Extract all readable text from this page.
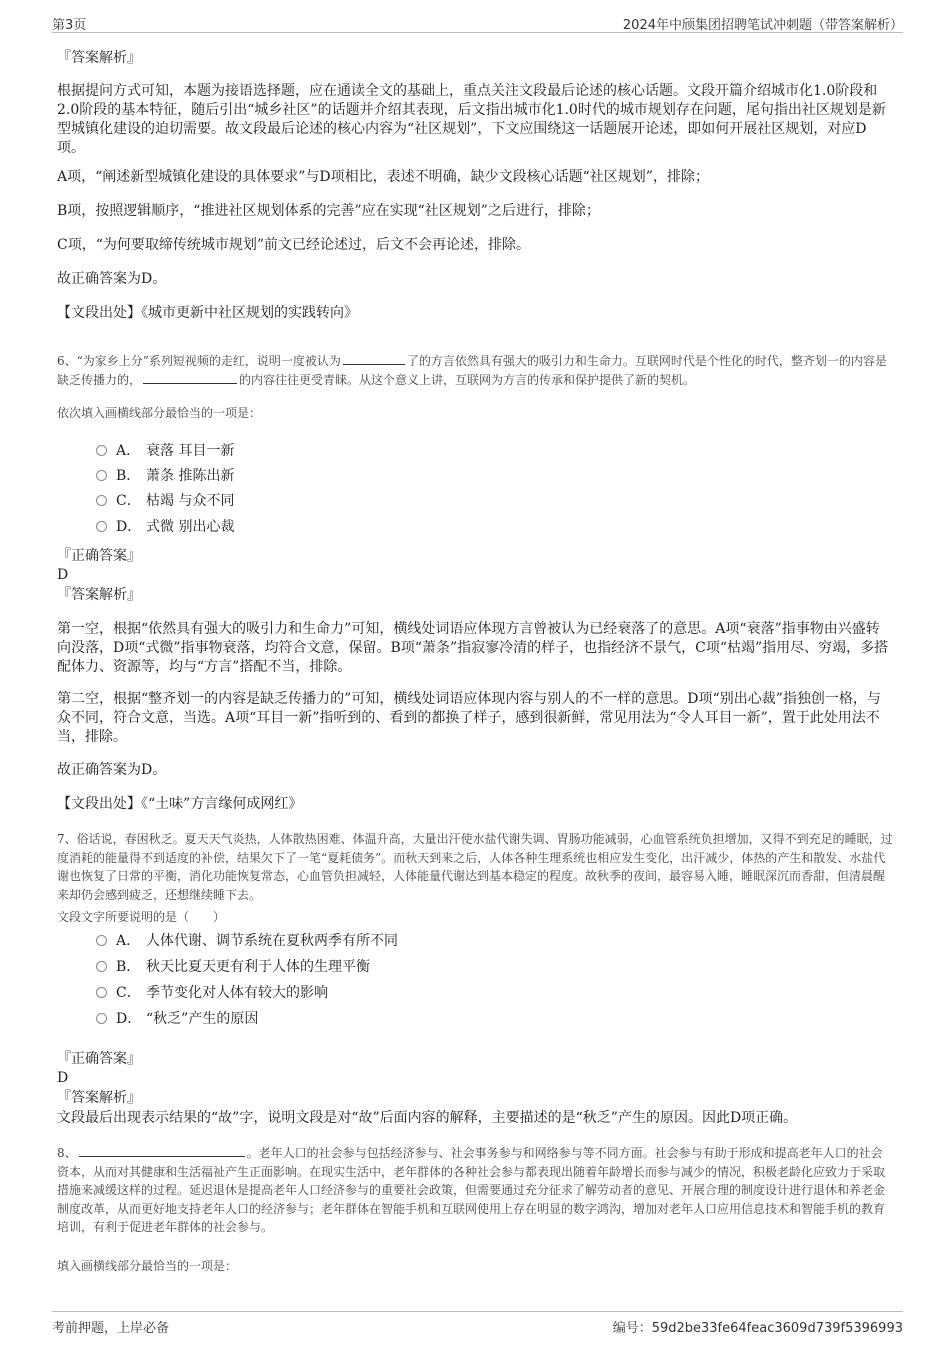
第3页	2024年中颀集团招聘笔试冲刺题（带答案解析）
『答案解析』
根据提问方式可知，本题为接语选择题，应在通读全文的基础上，重点关注文段最后论述的核心话题。文段开篇介绍城市化1.0阶段和2.0阶段的基本特征，随后引出“城乡社区”的话题并介绍其表现，后文指出城市化1.0时代的城市规划存在问题，尾句指出社区规划是新型城镇化建设的迫切需要。故文段最后论述的核心内容为“社区规划”，下文应围绕这一话题展开论述，即如何开展社区规划，对应D项。
A项，“阐述新型城镇化建设的具体要求”与D项相比，表述不明确，缺少文段核心话题“社区规划”，排除；
B项，按照逻辑顺序，“推进社区规划体系的完善”应在实现“社区规划”之后进行，排除；
C项，“为何要取缔传统城市规划”前文已经论述过，后文不会再论述，排除。
故正确答案为D。
【文段出处】《城市更新中社区规划的实践转向》
6、“为家乡上分”系列短视频的走红，说明一度被认为	了的方言依然具有强大的吸引力和生命力。互联网时代是个性化的时代，整齐划一的内容是缺乏传播力的，	的内容往往更受青睐。从这个意义上讲，互联网为方言的传承和保护提供了新的契机。
依次填入画横线部分最恰当的一项是：
A． 衰落 耳目一新
B． 萧条 推陈出新
C． 枯竭 与众不同
D． 式微 别出心裁
『正确答案』
D
『答案解析』
第一空，根据“依然具有强大的吸引力和生命力”可知，横线处词语应体现方言曾被认为已经衰落了的意思。A项“衰落”指事物由兴盛转向没落，D项“式微”指事物衰落，均符合文意，保留。B项“萧条”指寂寥冷清的样子，也指经济不景气，C项“枯竭”指用尽、穷竭，多搭配体力、资源等，均与“方言”搭配不当，排除。
第二空，根据“整齐划一的内容是缺乏传播力的”可知，横线处词语应体现内容与别人的不一样的意思。D项“别出心裁”指独创一格，与众不同，符合文意，当选。A项“耳目一新”指听到的、看到的都换了样子，感到很新鲜，常见用法为“令人耳目一新”，置于此处用法不当，排除。
故正确答案为D。
【文段出处】《“土味”方言缘何成网红》
7、俗话说，春困秋乏。夏天天气炎热，人体散热困难、体温升高，大量出汗使水盐代谢失调、胃肠功能减弱，心血管系统负担增加，又得不到充足的睡眠，过度消耗的能量得不到适度的补偿，结果欠下了一笔“夏耗债务”。而秋天到来之后，人体各种生理系统也相应发生变化，出汗减少，体热的产生和散发、水盐代谢也恢复了日常的平衡，消化功能恢复常态，心血管负担减轻，人体能量代谢达到基本稳定的程度。故秋季的夜间，最容易入睡，睡眠深沉而香甜，但清晨醒来却仍会感到疲乏，还想继续睡下去。
文段文字所要说明的是（　　）
A． 人体代谢、调节系统在夏秋两季有所不同
B． 秋天比夏天更有利于人体的生理平衡
C． 季节变化对人体有较大的影响
D． “秋乏”产生的原因
『正确答案』
D
『答案解析』
文段最后出现表示结果的“故”字，说明文段是对“故”后面内容的解释，主要描述的是“秋乏”产生的原因。因此D项正确。
8、	。老年人口的社会参与包括经济参与、社会事务参与和网络参与等不同方面。社会参与有助于形成和提高老年人口的社会资本，从而对其健康和生活福祉产生正面影响。在现实生活中，老年群体的各种社会参与都表现出随着年龄增长而参与减少的情况，积极老龄化应致力于采取措施来减缓这样的过程。延迟退休是提高老年人口经济参与的重要社会政策，但需要通过充分征求了解劳动者的意见、开展合理的制度设计进行退休和养老金制度改革，从而更好地支持老年人口的经济参与；老年群体在智能手机和互联网使用上存在明显的数字鸿沟，增加对老年人口应用信息技术和智能手机的教育培训，有利于促进老年群体的社会参与。
填入画横线部分最恰当的一项是：
考前押题，上岸必备	编号：59d2be33fe64feac3609d739f5396993
